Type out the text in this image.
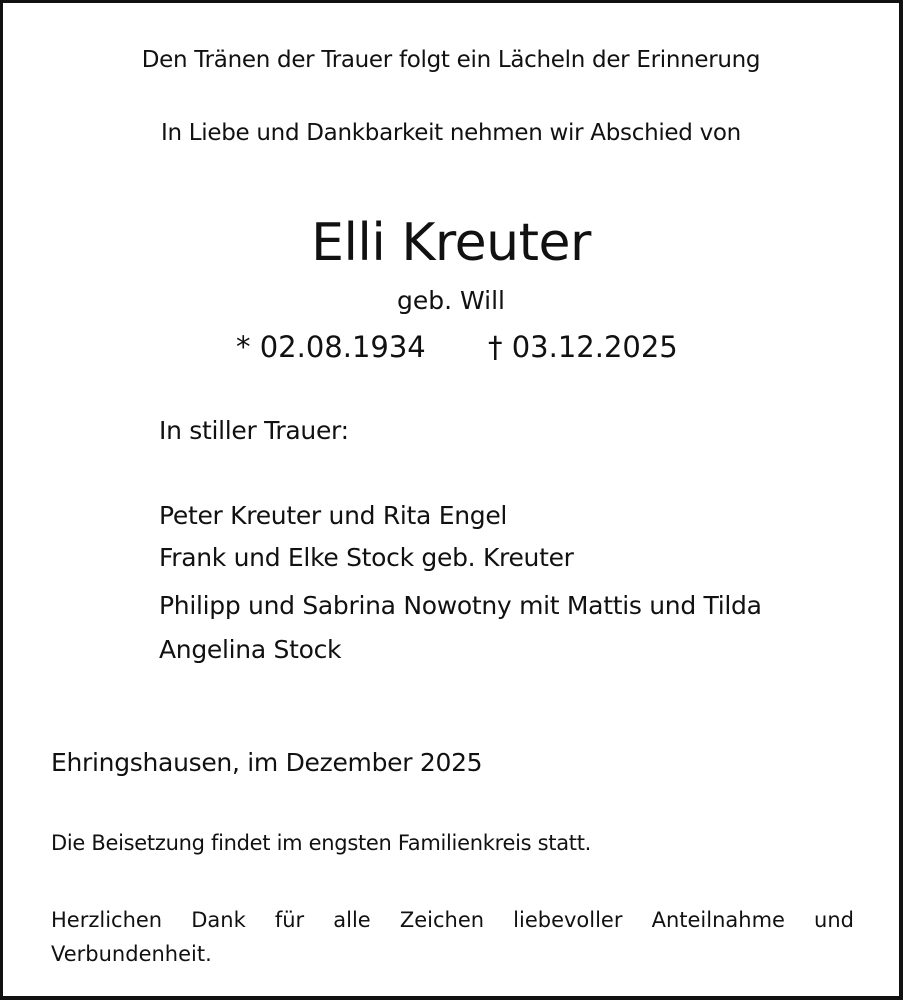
Den Tränen der Trauer folgt ein Lächeln der Erinnerung
In Liebe und Dankbarkeit nehmen wir Abschied von
Elli Kreuter
geb. Will
* 02.08.1934 † 03.12.2025
In stiller Trauer:
Peter Kreuter und Rita Engel
Frank und Elke Stock geb. Kreuter
Philipp und Sabrina Nowotny mit Mattis und Tilda
Angelina Stock
Ehringshausen, im Dezember 2025
Die Beisetzung findet im engsten Familienkreis statt.
Herzlichen Dank für alle Zeichen liebevoller Anteilnahme und
Verbundenheit.
